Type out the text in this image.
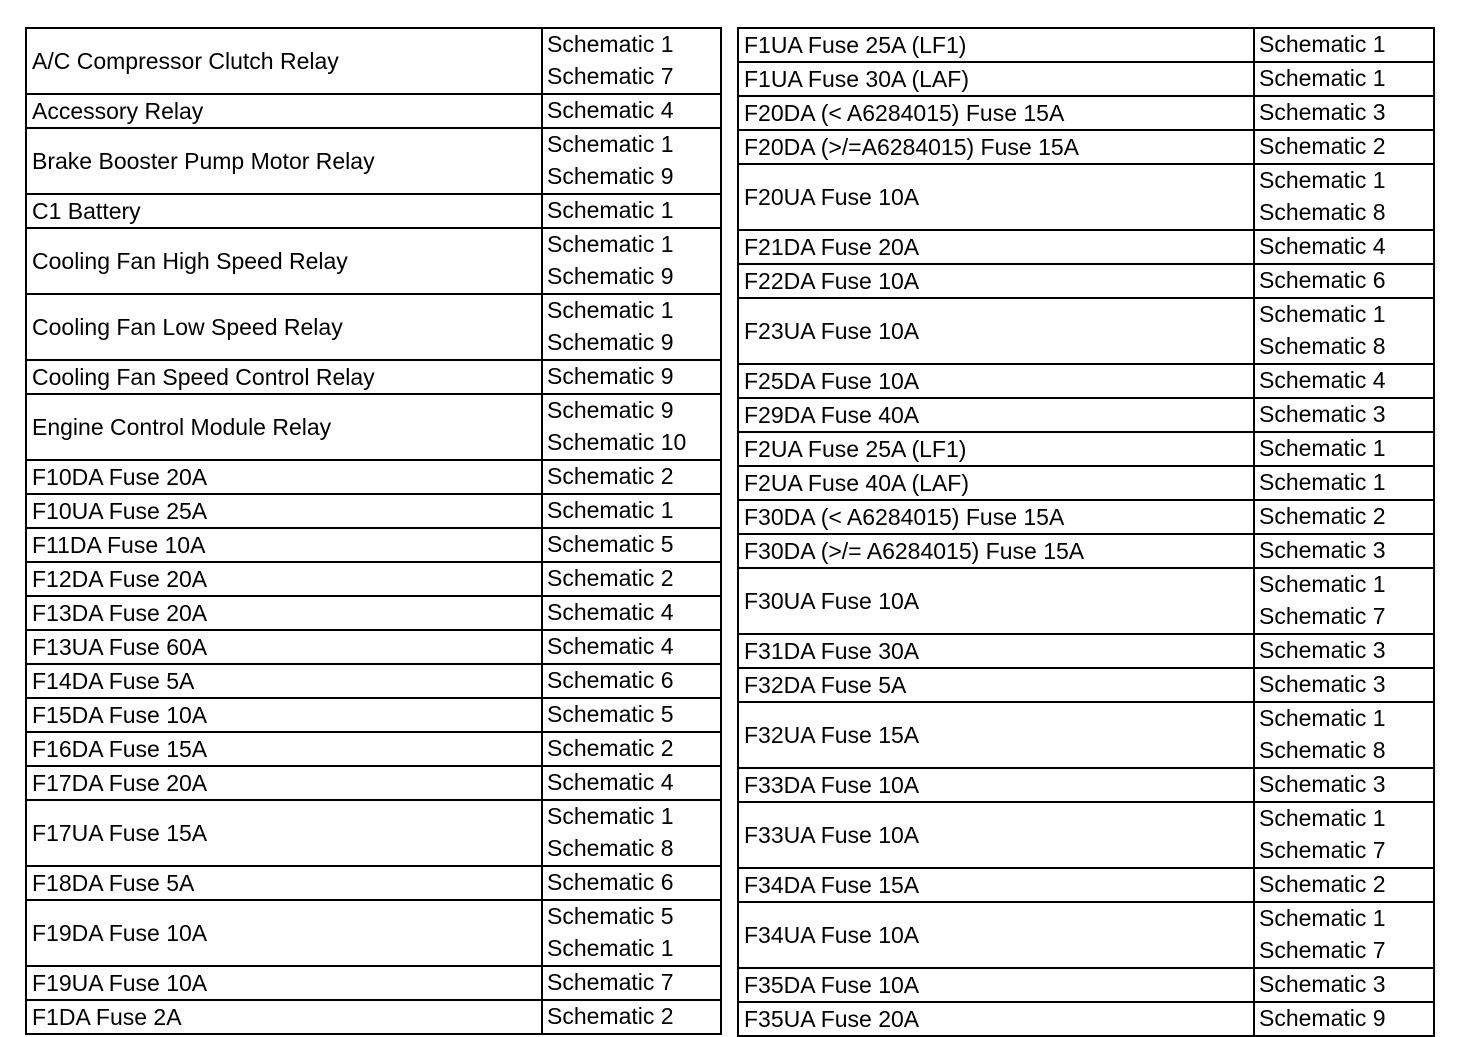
A/C Compressor Clutch Relay	Schematic 1
Schematic 7

Accessory Relay	Schematic 4

Brake Booster Pump Motor Relay	Schematic 1
Schematic 9

C1 Battery	Schematic 1

Cooling Fan High Speed Relay	Schematic 1
Schematic 9

Cooling Fan Low Speed Relay	Schematic 1
Schematic 9

Cooling Fan Speed Control Relay	Schematic 9

Engine Control Module Relay	Schematic 9
Schematic 10

F10DA Fuse 20A	Schematic 2

F10UA Fuse 25A	Schematic 1

F11DA Fuse 10A	Schematic 5

F12DA Fuse 20A	Schematic 2

F13DA Fuse 20A	Schematic 4

F13UA Fuse 60A	Schematic 4

F14DA Fuse 5A	Schematic 6

F15DA Fuse 10A	Schematic 5

F16DA Fuse 15A	Schematic 2

F17DA Fuse 20A	Schematic 4

F17UA Fuse 15A	Schematic 1
Schematic 8

F18DA Fuse 5A	Schematic 6

F19DA Fuse 10A	Schematic 5
Schematic 1

F19UA Fuse 10A	Schematic 7

F1DA Fuse 2A	Schematic 2
F1UA Fuse 25A (LF1)	Schematic 1

F1UA Fuse 30A (LAF)	Schematic 1

F20DA (< A6284015) Fuse 15A	Schematic 3

F20DA (>/=A6284015) Fuse 15A	Schematic 2

F20UA Fuse 10A	Schematic 1
Schematic 8

F21DA Fuse 20A	Schematic 4

F22DA Fuse 10A	Schematic 6

F23UA Fuse 10A	Schematic 1
Schematic 8

F25DA Fuse 10A	Schematic 4

F29DA Fuse 40A	Schematic 3

F2UA Fuse 25A (LF1)	Schematic 1

F2UA Fuse 40A (LAF)	Schematic 1

F30DA (< A6284015) Fuse 15A	Schematic 2

F30DA (>/= A6284015) Fuse 15A	Schematic 3

F30UA Fuse 10A	Schematic 1
Schematic 7

F31DA Fuse 30A	Schematic 3

F32DA Fuse 5A	Schematic 3

F32UA Fuse 15A	Schematic 1
Schematic 8

F33DA Fuse 10A	Schematic 3

F33UA Fuse 10A	Schematic 1
Schematic 7

F34DA Fuse 15A	Schematic 2

F34UA Fuse 10A	Schematic 1
Schematic 7

F35DA Fuse 10A	Schematic 3

F35UA Fuse 20A	Schematic 9
